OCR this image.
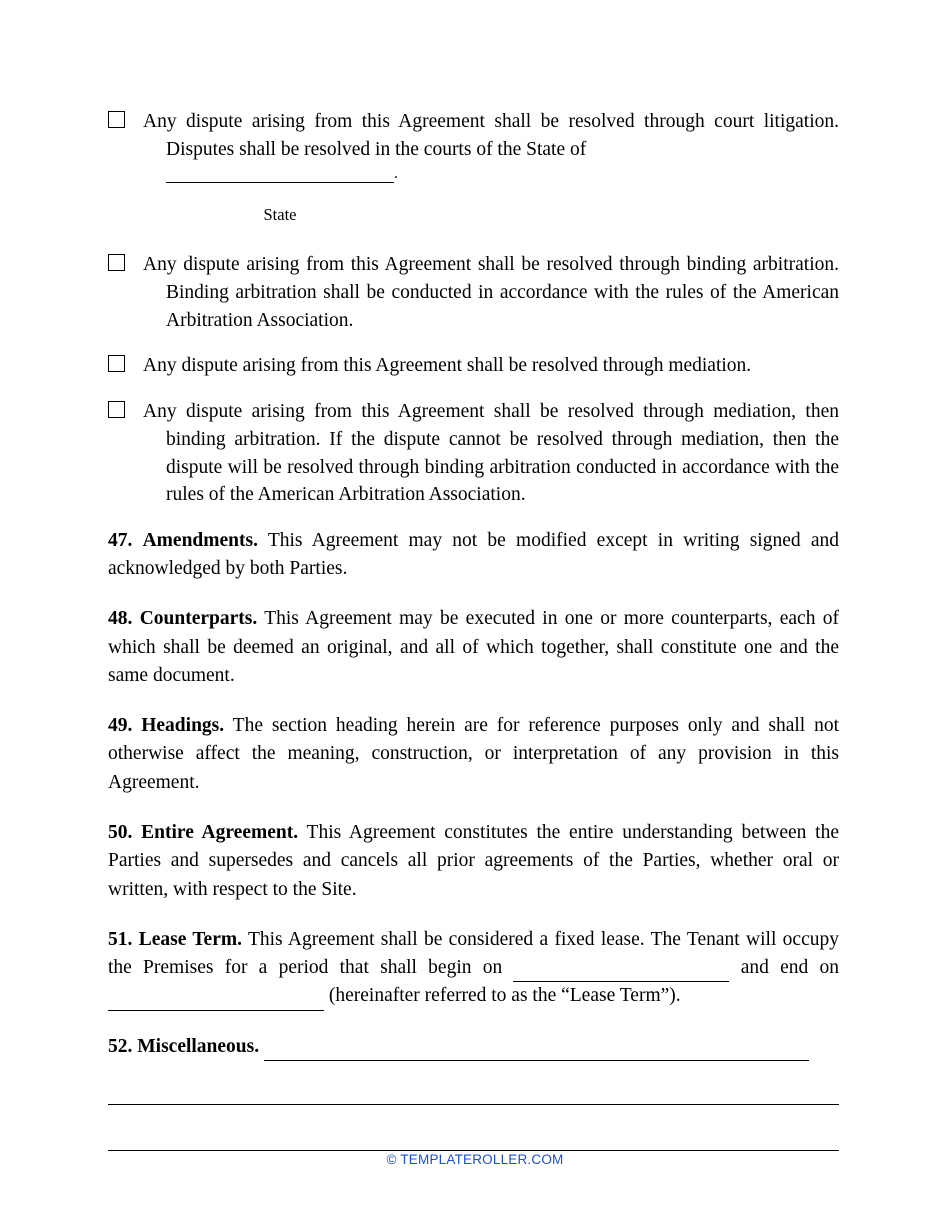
Any dispute arising from this Agreement shall be resolved through court litigation. Disputes shall be resolved in the courts of the State of
.
State
Any dispute arising from this Agreement shall be resolved through binding arbitration. Binding arbitration shall be conducted in accordance with the rules of the American Arbitration Association.
Any dispute arising from this Agreement shall be resolved through mediation.
Any dispute arising from this Agreement shall be resolved through mediation, then binding arbitration. If the dispute cannot be resolved through mediation, then the dispute will be resolved through binding arbitration conducted in accordance with the rules of the American Arbitration Association.

47. Amendments. This Agreement may not be modified except in writing signed and acknowledged by both Parties.

48. Counterparts. This Agreement may be executed in one or more counterparts, each of which shall be deemed an original, and all of which together, shall constitute one and the same document.

49. Headings. The section heading herein are for reference purposes only and shall not otherwise affect the meaning, construction, or interpretation of any provision in this Agreement.

50. Entire Agreement. This Agreement constitutes the entire understanding between the Parties and supersedes and cancels all prior agreements of the Parties, whether oral or written, with respect to the Site.

51. Lease Term. This Agreement shall be considered a fixed lease. The Tenant will occupy the Premises for a period that shall begin on	and end on  (hereinafter referred to as the “Lease Term”).

52. Miscellaneous.

© TEMPLATEROLLER.COM
